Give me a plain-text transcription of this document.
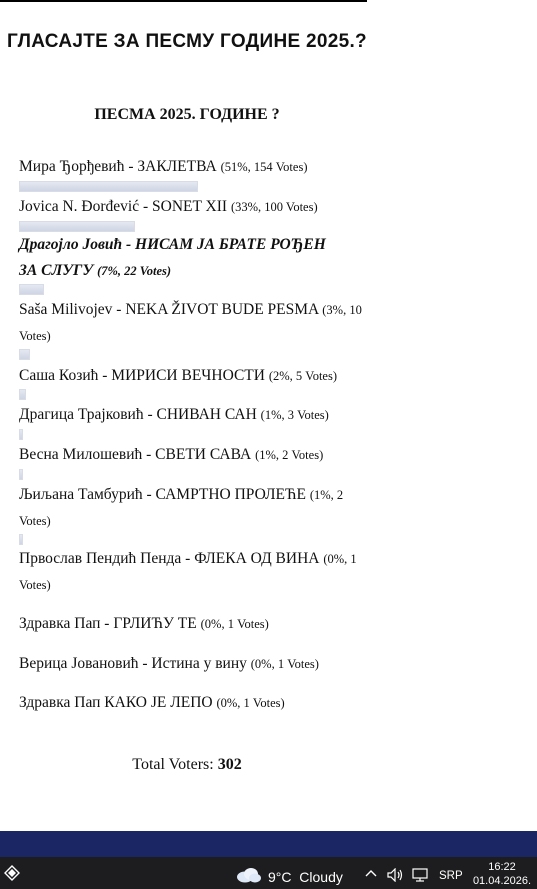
ГЛАСАЈТЕ ЗА ПЕСМУ ГОДИНЕ 2025.?
ПЕСМА 2025. ГОДИНЕ ?
Мира Ђорђевић - ЗАКЛЕТВА (51%, 154 Votes)
Jovica N. Đorđević - SONET XII (33%, 100 Votes)
Драгојло Јовић - НИСАМ ЈА БРАТЕ РОЂЕН ЗА СЛУГУ (7%, 22 Votes)
Saša Milivojev - NEKA ŽIVOT BUDE PESMA (3%, 10 Votes)
Саша Козић - МИРИСИ ВЕЧНОСТИ (2%, 5 Votes)
Драгица Трајковић - СНИВАН САН (1%, 3 Votes)
Весна Милошевић - СВЕТИ САВА (1%, 2 Votes)
Љиљана Тамбурић - САМРТНО ПРОЛЕЋЕ (1%, 2 Votes)
Првослав Пендић Пенда - ФЛЕКА ОД ВИНА (0%, 1 Votes)
Здравка Пап - ГРЛИЋУ ТЕ (0%, 1 Votes)
Верица Јовановић - Истина у вину (0%, 1 Votes)
Здравка Пап КАКО ЈЕ ЛЕПО (0%, 1 Votes)
Total Voters: 302
9°C Cloudy	SRP
16:22
01.04.2026.
